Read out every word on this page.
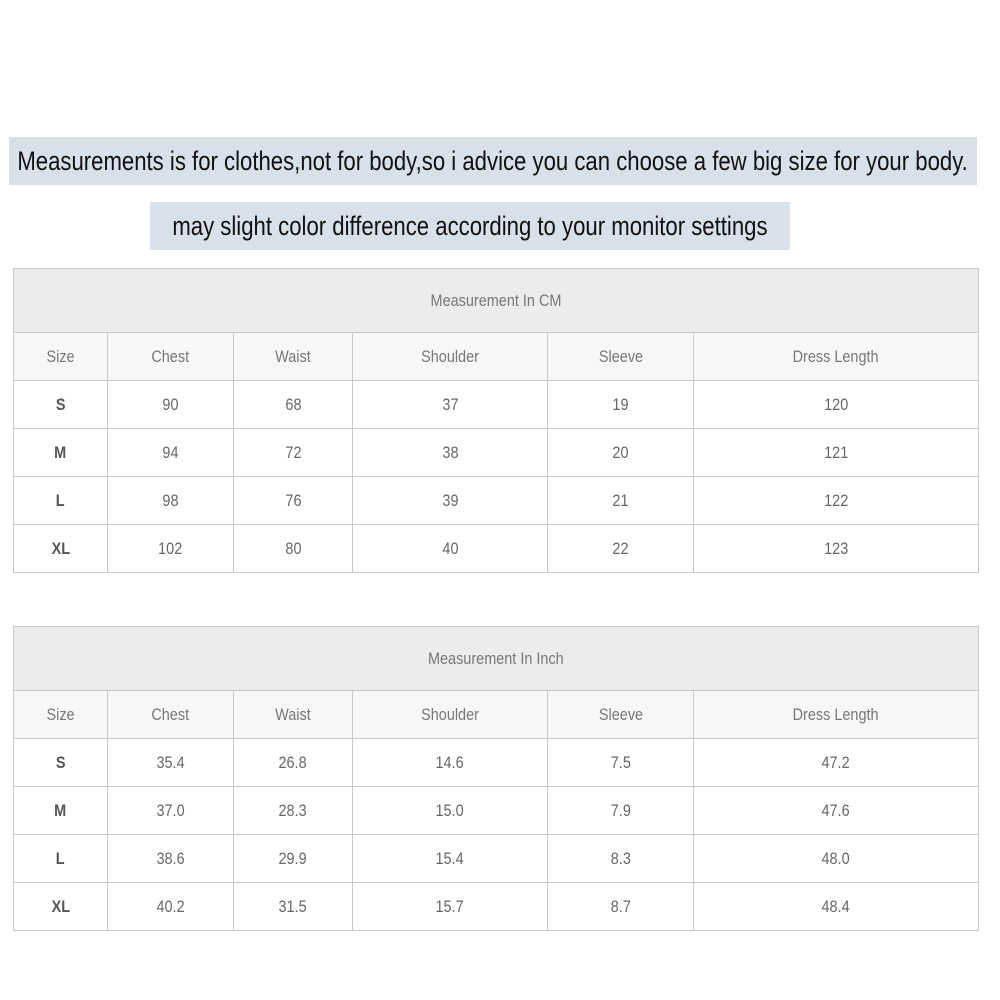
Measurements is for clothes,not for body,so i advice you can choose a few big size for your body.
may slight color difference according to your monitor settings
Measurement In CM					
Size	Chest	Waist	Shoulder	Sleeve	Dress Length
S	90	68	37	19	120
M	94	72	38	20	121
L	98	76	39	21	122
XL	102	80	40	22	123
Measurement In Inch					
Size	Chest	Waist	Shoulder	Sleeve	Dress Length
S	35.4	26.8	14.6	7.5	47.2
M	37.0	28.3	15.0	7.9	47.6
L	38.6	29.9	15.4	8.3	48.0
XL	40.2	31.5	15.7	8.7	48.4
